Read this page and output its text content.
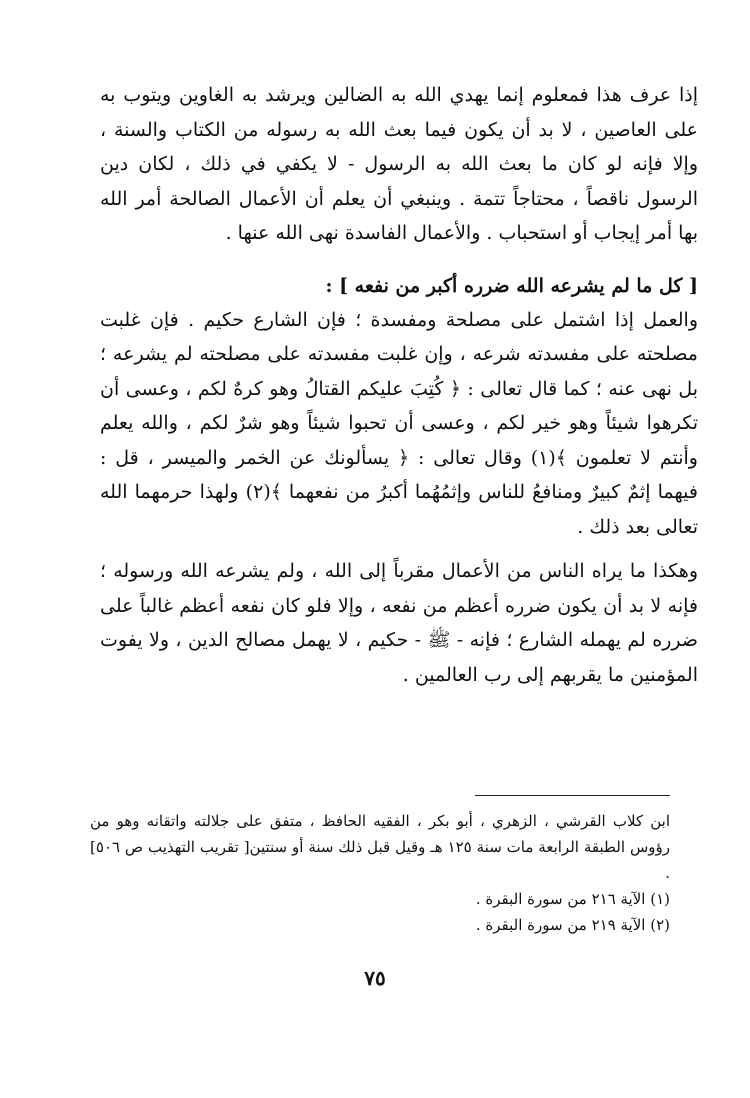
إذا عرف هذا فمعلوم إنما يهدي الله به الضالين ويرشد به الغاوين ويتوب به على العاصين ، لا بد أن يكون فيما بعث الله به رسوله من الكتاب والسنة ، وإلا فإنه لو كان ما بعث الله به الرسول - لا يكفي في ذلك ، لكان دين الرسول ناقصاً ، محتاجاً تتمة . وينبغي أن يعلم أن الأعمال الصالحة أمر الله بها أمر إيجاب أو استحباب . والأعمال الفاسدة نهى الله عنها .

[ كل ما لم يشرعه الله ضرره أكبر من نفعه ] :

والعمل إذا اشتمل على مصلحة ومفسدة ؛ فإن الشارع حكيم . فإن غلبت مصلحته على مفسدته شرعه ، وإن غلبت مفسدته على مصلحته لم يشرعه ؛ بل نهى عنه ؛ كما قال تعالى : ﴿ كُتِبَ عليكم القتالُ وهو كرهٌ لكم ، وعسى أن تكرهوا شيئاً وهو خير لكم ، وعسى أن تحبوا شيئاً وهو شرٌ لكم ، والله يعلم وأنتم لا تعلمون ﴾(١) وقال تعالى : ﴿ يسألونك عن الخمر والميسر ، قل : فيهما إثمٌ كبيرٌ ومنافعُ للناس وإثمُهُما أكبرُ من نفعهما ﴾(٢) ولهذا حرمهما الله تعالى بعد ذلك .

وهكذا ما يراه الناس من الأعمال مقرباً إلى الله ، ولم يشرعه الله ورسوله ؛ فإنه لا بد أن يكون ضرره أعظم من نفعه ، وإلا فلو كان نفعه أعظم غالباً على ضرره لم يهمله الشارع ؛ فإنه - ﷺ - حكيم ، لا يهمل مصالح الدين ، ولا يفوت المؤمنين ما يقربهم إلى رب العالمين .

ابن كلاب القرشي ، الزهري ، أبو بكر ، الفقيه الحافظ ، متفق على جلالته واتقانه وهو من رؤوس الطبقة الرابعة مات سنة ١٢٥ هـ وقيل قبل ذلك سنة أو سنتين[ تقريب التهذيب ص ٥٠٦] .

(١) الآية ٢١٦ من سورة البقرة .

(٢) الآية ٢١٩ من سورة البقرة .

٧٥
